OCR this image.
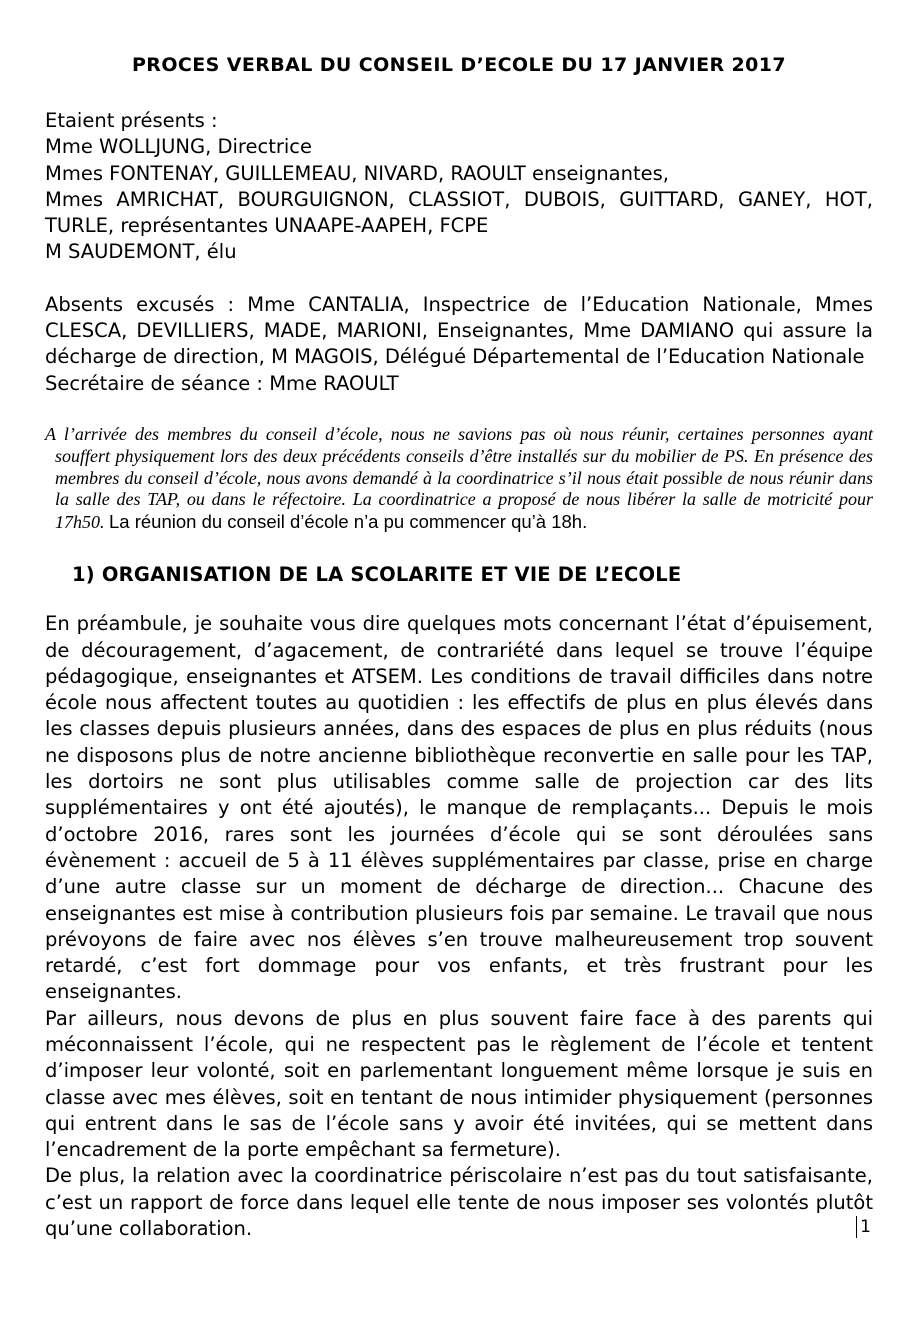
PROCES VERBAL DU CONSEIL D’ECOLE DU 17 JANVIER 2017
Etaient présents :
Mme WOLLJUNG, Directrice
Mmes FONTENAY, GUILLEMEAU, NIVARD, RAOULT enseignantes,
Mmes AMRICHAT, BOURGUIGNON, CLASSIOT, DUBOIS, GUITTARD, GANEY, HOT, TURLE, représentantes UNAAPE-AAPEH, FCPE
M SAUDEMONT, élu
Absents excusés : Mme CANTALIA, Inspectrice de l’Education Nationale, Mmes CLESCA, DEVILLIERS, MADE, MARIONI, Enseignantes, Mme DAMIANO qui assure la décharge de direction, M MAGOIS, Délégué Départemental de l’Education Nationale
Secrétaire de séance : Mme RAOULT
A l’arrivée des membres du conseil d’école, nous ne savions pas où nous réunir, certaines personnes ayant souffert physiquement lors des deux précédents conseils d’être installés sur du mobilier de PS. En présence des membres du conseil d’école, nous avons demandé à la coordinatrice s’il nous était possible de nous réunir dans la salle des TAP, ou dans le réfectoire. La coordinatrice a proposé de nous libérer la salle de motricité pour 17h50. La réunion du conseil d’école n’a pu commencer qu’à 18h.
1) ORGANISATION DE LA SCOLARITE ET VIE DE L’ECOLE
En préambule, je souhaite vous dire quelques mots concernant l’état d’épuisement, de découragement, d’agacement, de contrariété dans lequel se trouve l’équipe pédagogique, enseignantes et ATSEM. Les conditions de travail difficiles dans notre école nous affectent toutes au quotidien : les effectifs de plus en plus élevés dans les classes depuis plusieurs années, dans des espaces de plus en plus réduits (nous ne disposons plus de notre ancienne bibliothèque reconvertie en salle pour les TAP, les dortoirs ne sont plus utilisables comme salle de projection car des lits supplémentaires y ont été ajoutés), le manque de remplaçants... Depuis le mois d’octobre 2016, rares sont les journées d’école qui se sont déroulées sans évènement : accueil de 5 à 11 élèves supplémentaires par classe, prise en charge d’une autre classe sur un moment de décharge de direction... Chacune des enseignantes est mise à contribution plusieurs fois par semaine. Le travail que nous prévoyons de faire avec nos élèves s’en trouve malheureusement trop souvent retardé, c’est fort dommage pour vos enfants, et très frustrant pour les enseignantes.
Par ailleurs, nous devons de plus en plus souvent faire face à des parents qui méconnaissent l’école, qui ne respectent pas le règlement de l’école et tentent d’imposer leur volonté, soit en parlementant longuement même lorsque je suis en classe avec mes élèves, soit en tentant de nous intimider physiquement (personnes qui entrent dans le sas de l’école sans y avoir été invitées, qui se mettent dans l’encadrement de la porte empêchant sa fermeture).
De plus, la relation avec la coordinatrice périscolaire n’est pas du tout satisfaisante, c’est un rapport de force dans lequel elle tente de nous imposer ses volontés plutôt qu’une collaboration.	1
